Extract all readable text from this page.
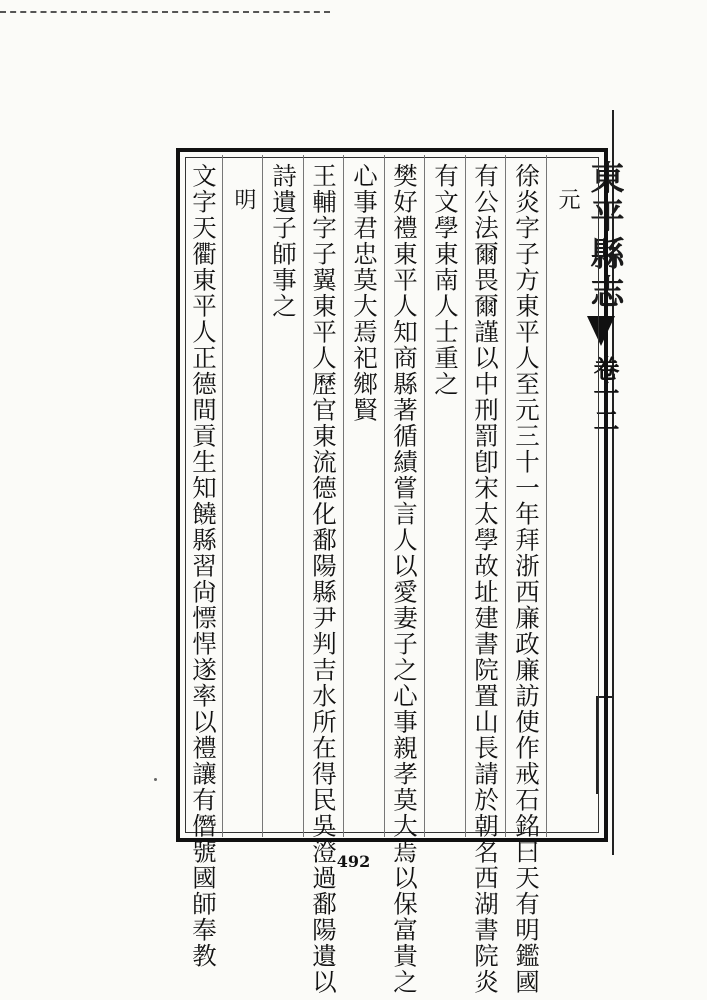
東平縣志
卷十二
元
徐炎字子方東平人至元三十一年拜浙西廉政廉訪使作戒石銘曰天有明鑑國
有公法爾畏爾謹以中刑罰卽宋太學故址建書院置山長請於朝名西湖書院炎
有文學東南人士重之
樊好禮東平人知商縣著循績嘗言人以愛妻子之心事親孝莫大焉以保富貴之
心事君忠莫大焉祀鄉賢
王輔字子翼東平人歷官東流德化鄱陽縣尹判吉水所在得民吳澄過鄱陽遺以
詩遺子師事之
明
文字天衢東平人正德間貢生知饒縣習尙慓悍遂率以禮讓有僭號國師奉教	492
